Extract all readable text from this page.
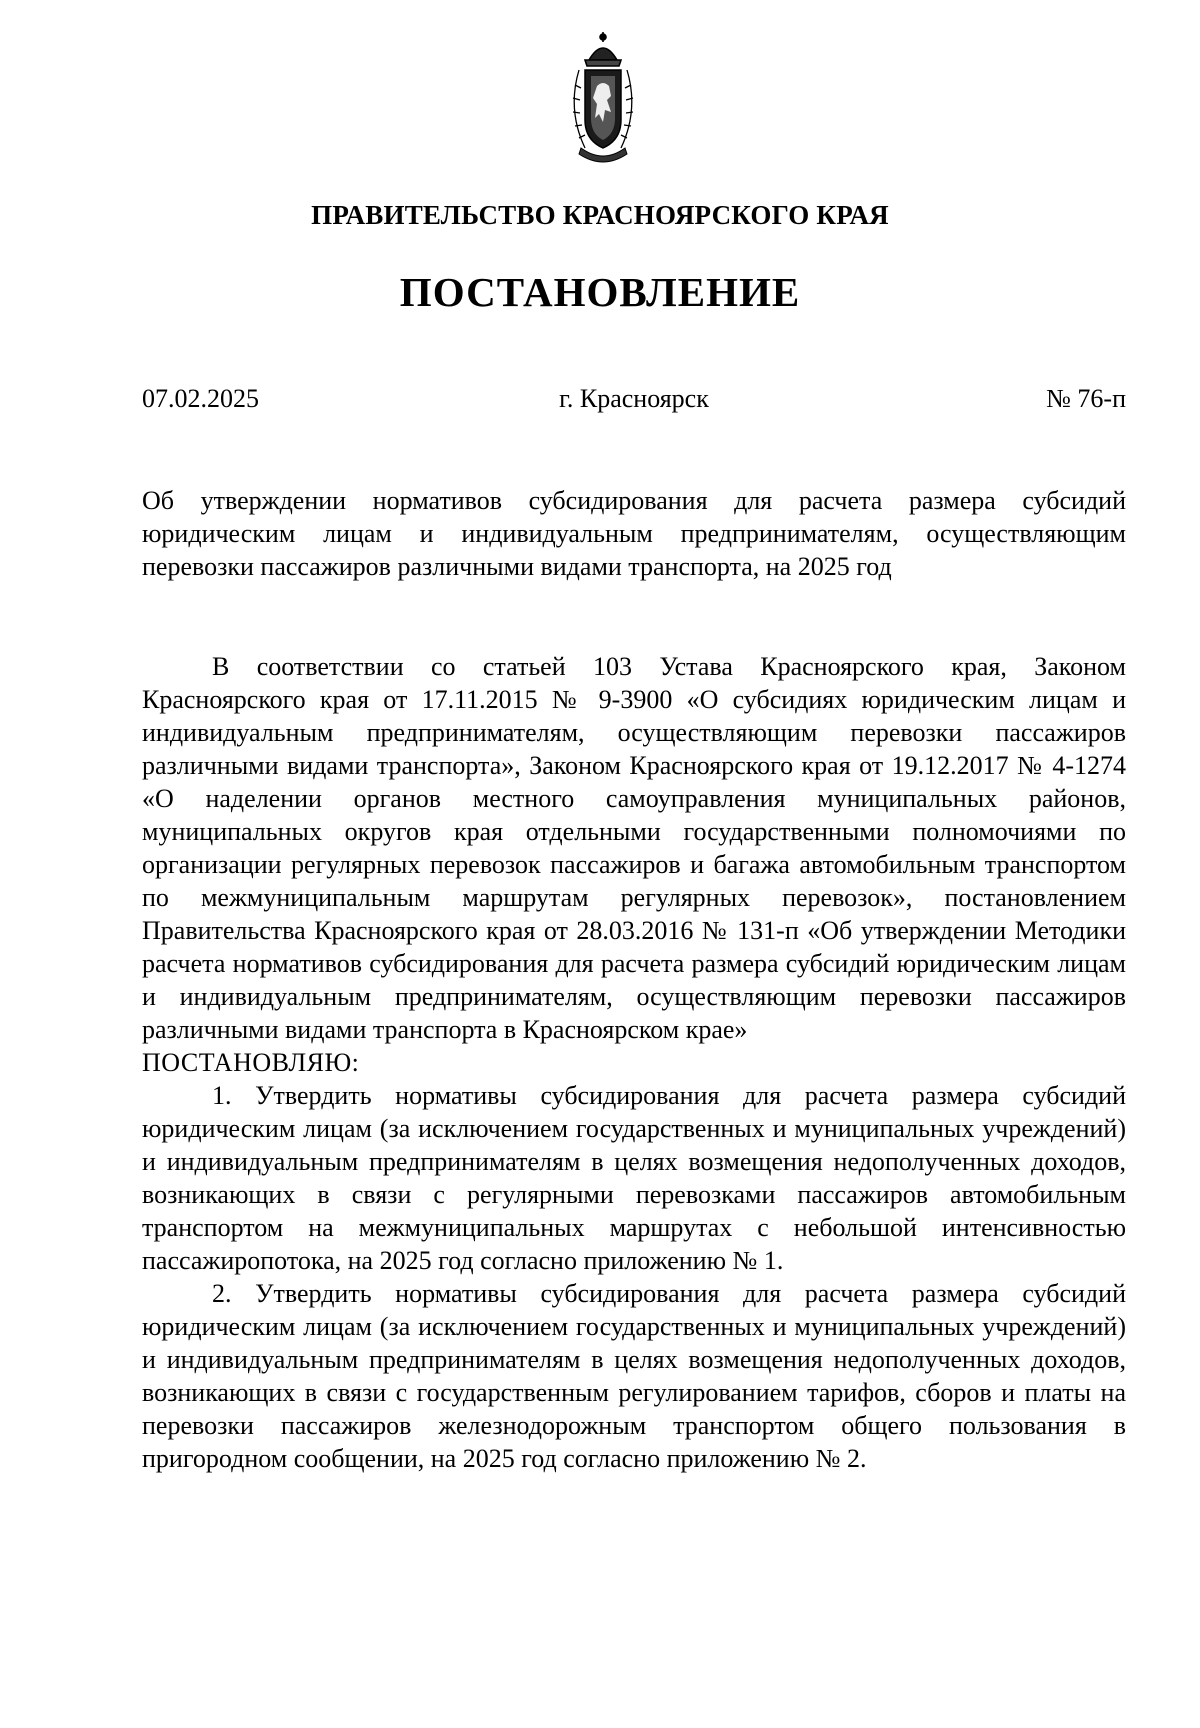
ПРАВИТЕЛЬСТВО КРАСНОЯРСКОГО КРАЯ
ПОСТАНОВЛЕНИЕ
07.02.2025	г. Красноярск	№ 76-п

Об утверждении нормативов субсидирования для расчета размера субсидий юридическим лицам и индивидуальным предпринимателям, осуществляющим перевозки пассажиров различными видами транспорта, на 2025 год

В соответствии со статьей 103 Устава Красноярского края, Законом Красноярского края от 17.11.2015 № 9-3900 «О субсидиях юридическим лицам и индивидуальным предпринимателям, осуществляющим перевозки пассажиров различными видами транспорта», Законом Красноярского края от 19.12.2017 № 4-1274 «О наделении органов местного самоуправления муниципальных районов, муниципальных округов края отдельными государственными полномочиями по организации регулярных перевозок пассажиров и багажа автомобильным транспортом по межмуниципальным маршрутам регулярных перевозок», постановлением Правительства Красноярского края от 28.03.2016 № 131-п «Об утверждении Методики расчета нормативов субсидирования для расчета размера субсидий юридическим лицам и индивидуальным предпринимателям, осуществляющим перевозки пассажиров различными видами транспорта в Красноярском крае»

ПОСТАНОВЛЯЮ:

1. Утвердить нормативы субсидирования для расчета размера субсидий юридическим лицам (за исключением государственных и муниципальных учреждений) и индивидуальным предпринимателям в целях возмещения недополученных доходов, возникающих в связи с регулярными перевозками пассажиров автомобильным транспортом на межмуниципальных маршрутах с небольшой интенсивностью пассажиропотока, на 2025 год согласно приложению № 1.

2. Утвердить нормативы субсидирования для расчета размера субсидий юридическим лицам (за исключением государственных и муниципальных учреждений) и индивидуальным предпринимателям в целях возмещения недополученных доходов, возникающих в связи с государственным регулированием тарифов, сборов и платы на перевозки пассажиров железнодорожным транспортом общего пользования в пригородном сообщении, на 2025 год согласно приложению № 2.
